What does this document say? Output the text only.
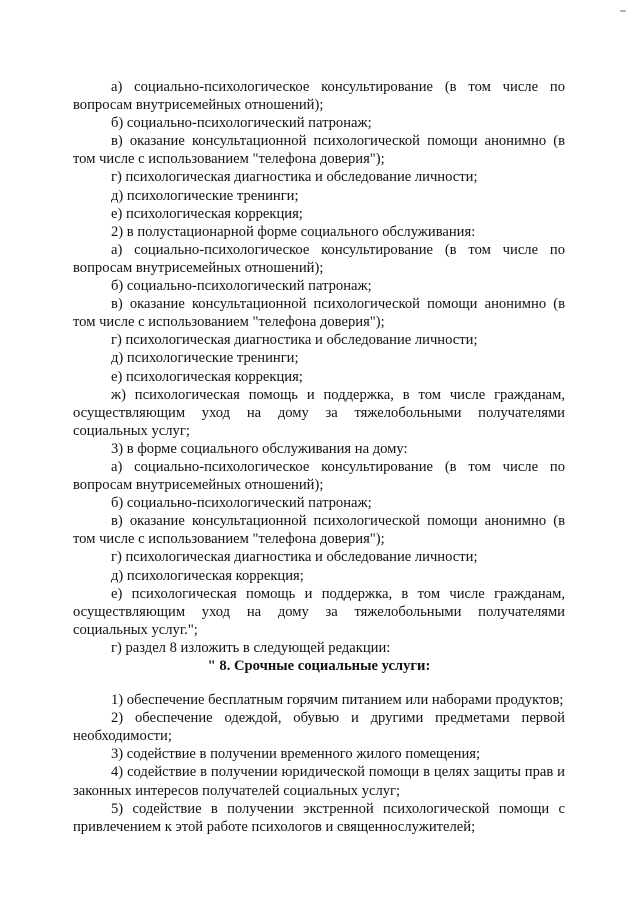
а) социально-психологическое консультирование (в том числе по вопросам внутрисемейных отношений);

б) социально-психологический патронаж;

в) оказание консультационной психологической помощи анонимно (в том числе с использованием "телефона доверия");

г) психологическая диагностика и обследование личности;

д) психологические тренинги;

е) психологическая коррекция;

2) в полустационарной форме социального обслуживания:

а) социально-психологическое консультирование (в том числе по вопросам внутрисемейных отношений);

б) социально-психологический патронаж;

в) оказание консультационной психологической помощи анонимно (в том числе с использованием "телефона доверия");

г) психологическая диагностика и обследование личности;

д) психологические тренинги;

е) психологическая коррекция;

ж) психологическая помощь и поддержка, в том числе гражданам, осуществляющим уход на дому за тяжелобольными получателями социальных услуг;

3) в форме социального обслуживания на дому:

а) социально-психологическое консультирование (в том числе по вопросам внутрисемейных отношений);

б) социально-психологический патронаж;

в) оказание консультационной психологической помощи анонимно (в том числе с использованием "телефона доверия");

г) психологическая диагностика и обследование личности;

д) психологическая коррекция;

е) психологическая помощь и поддержка, в том числе гражданам, осуществляющим уход на дому за тяжелобольными получателями социальных услуг.";

г) раздел 8 изложить в следующей редакции:

" 8. Срочные социальные услуги:

1) обеспечение бесплатным горячим питанием или наборами продуктов;

2) обеспечение одеждой, обувью и другими предметами первой необходимости;

3) содействие в получении временного жилого помещения;

4) содействие в получении юридической помощи в целях защиты прав и законных интересов получателей социальных услуг;

5) содействие в получении экстренной психологической помощи с привлечением к этой работе психологов и священнослужителей;
